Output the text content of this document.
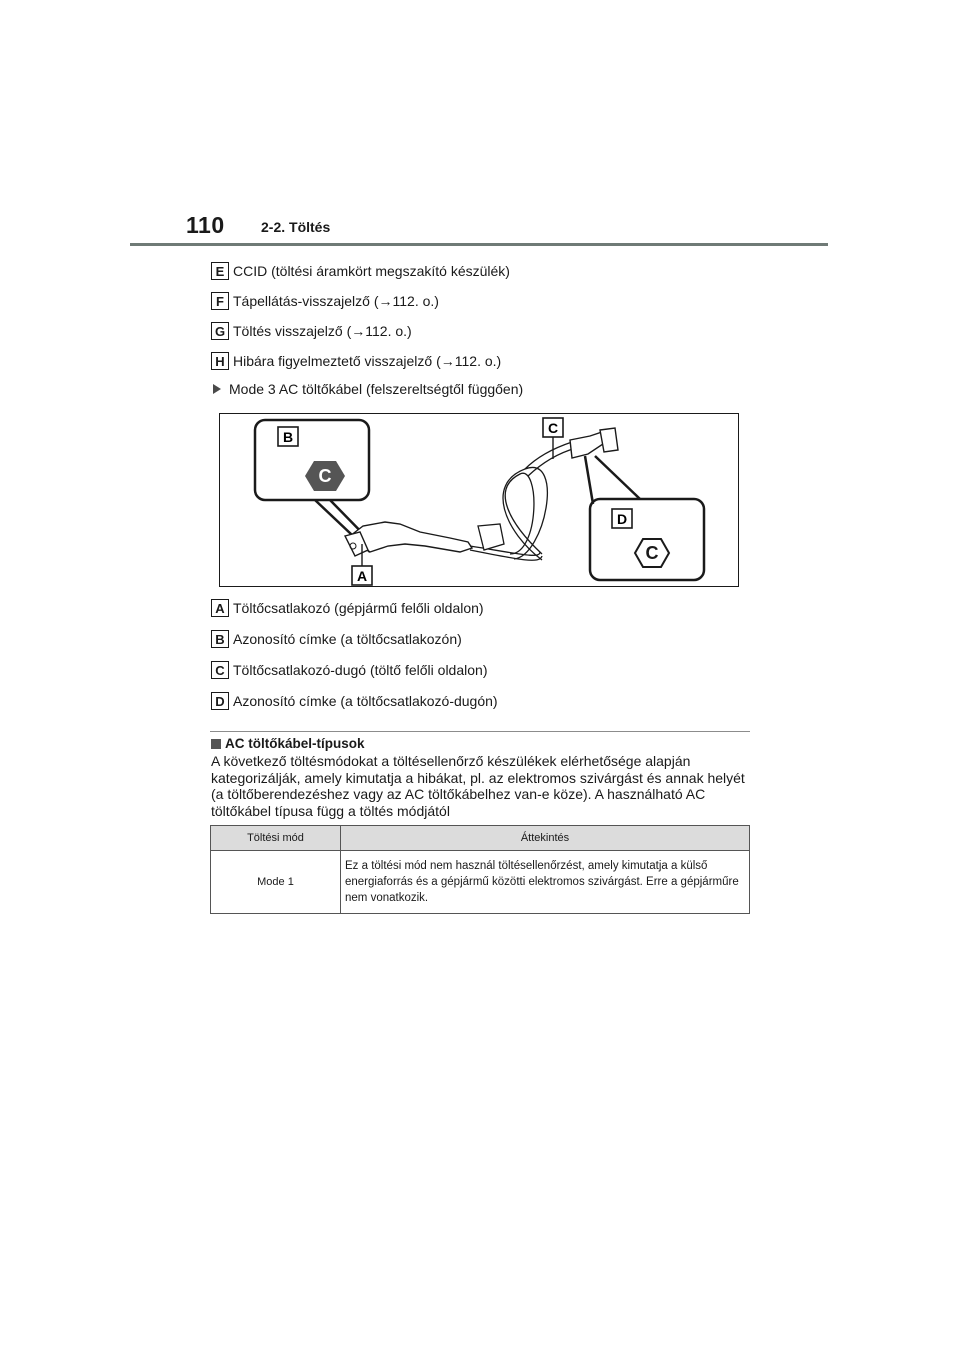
110	2-2. Töltés
E CCID (töltési áramkört megszakító készülék)
F Tápellátás-visszajelző (→112. o.)
G Töltés visszajelző (→112. o.)
H Hibára figyelmeztető visszajelző (→112. o.)
Mode 3 AC töltőkábel (felszereltségtől függően)
B
C
D
C
C
A
A Töltőcsatlakozó (gépjármű felőli oldalon)
B Azonosító címke (a töltőcsatlakozón)
C Töltőcsatlakozó-dugó (töltő felőli oldalon)
D Azonosító címke (a töltőcsatlakozó-dugón)
AC töltőkábel-típusok
A következő töltésmódokat a töltésellenőrző készülékek elérhetősége alapján kategorizálják, amely kimutatja a hibákat, pl. az elektromos szivárgást és annak helyét (a töltőberendezéshez vagy az AC töltőkábelhez van-e köze). A használható AC töltőkábel típusa függ a töltés módjától
Töltési mód	Áttekintés
Mode 1	Ez a töltési mód nem használ töltésellenőrzést, amely kimutatja a külső energiaforrás és a gépjármű közötti elektromos szivárgást. Erre a gépjárműre nem vonatkozik.
